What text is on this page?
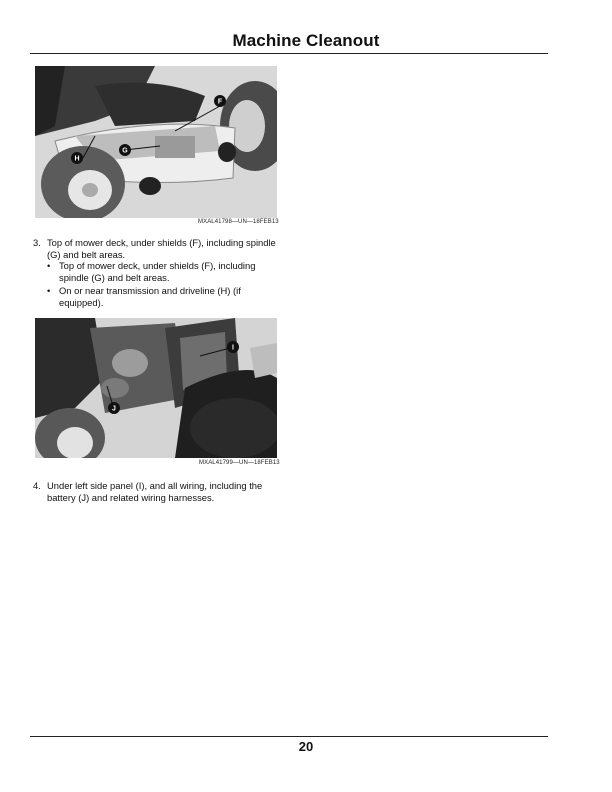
Machine Cleanout
F
G
H
MXAL41798—UN—18FEB13
3. Top of mower deck, under shields (F), including spindle (G) and belt areas.
• Top of mower deck, under shields (F), including spindle (G) and belt areas.
• On or near transmission and driveline (H) (if equipped).
I
J
MXAL41799—UN—18FEB13
4. Under left side panel (I), and all wiring, including the battery (J) and related wiring harnesses.
20
